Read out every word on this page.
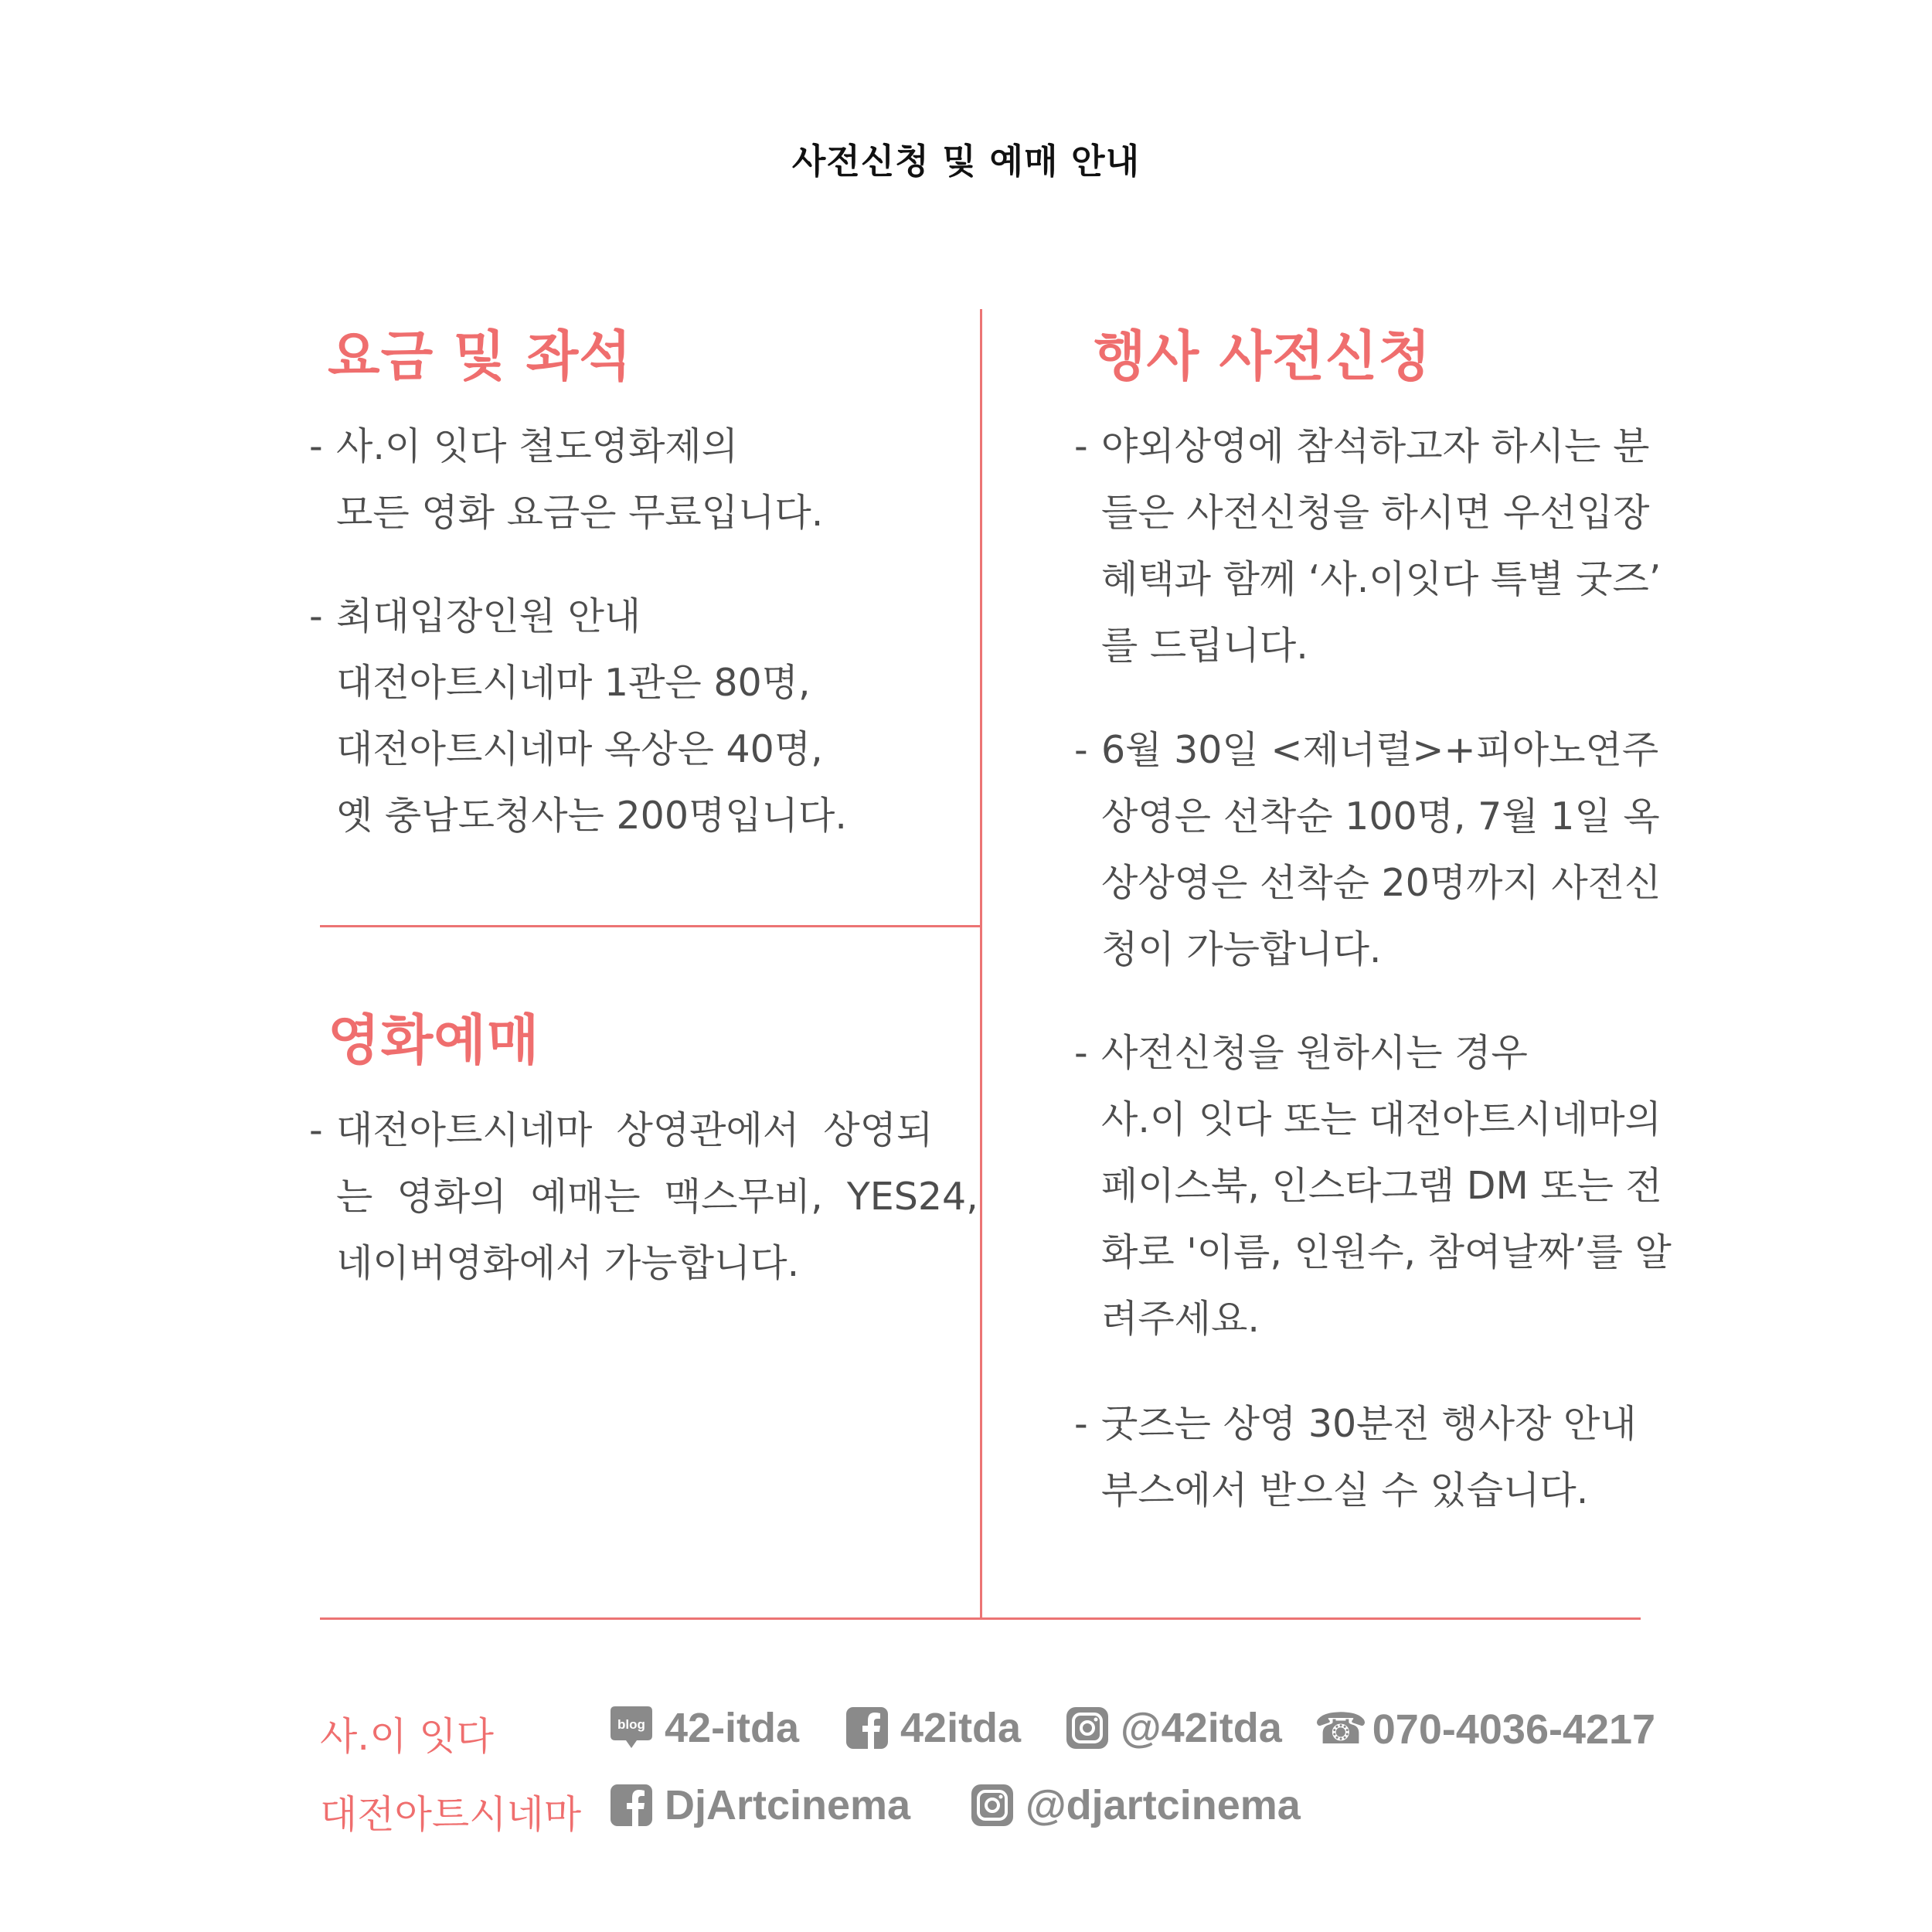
사전신청 및 예매 안내
요금 및 좌석
- 사.이 잇다 철도영화제의
모든 영화 요금은 무료입니다.
- 최대입장인원 안내
대전아트시네마 1관은 80명,
대전아트시네마 옥상은 40명,
옛 충남도청사는 200명입니다.
영화예매
- 대전아트시네마  상영관에서  상영되
는  영화의  예매는  맥스무비,  YES24,
네이버영화에서 가능합니다.
행사 사전신청
- 야외상영에 참석하고자 하시는 분
들은 사전신청을 하시면 우선입장
혜택과 함께 ‘사.이잇다 특별 굿즈’
를 드립니다.
- 6월 30일 <제너럴>+피아노연주
상영은 선착순 100명, 7월 1일 옥
상상영은 선착순 20명까지 사전신
청이 가능합니다.
- 사전신청을 원하시는 경우
사.이 잇다 또는 대전아트시네마의
페이스북, 인스타그램 DM 또는 전
화로 '이름, 인원수, 참여날짜’를 알
려주세요.
- 굿즈는 상영 30분전 행사장 안내
부스에서 받으실 수 있습니다.
사.이 잇다
대전아트시네마
blog 42-itda 42itda @42itda ☎ 070-4036-4217
DjArtcinema	@djartcinema
